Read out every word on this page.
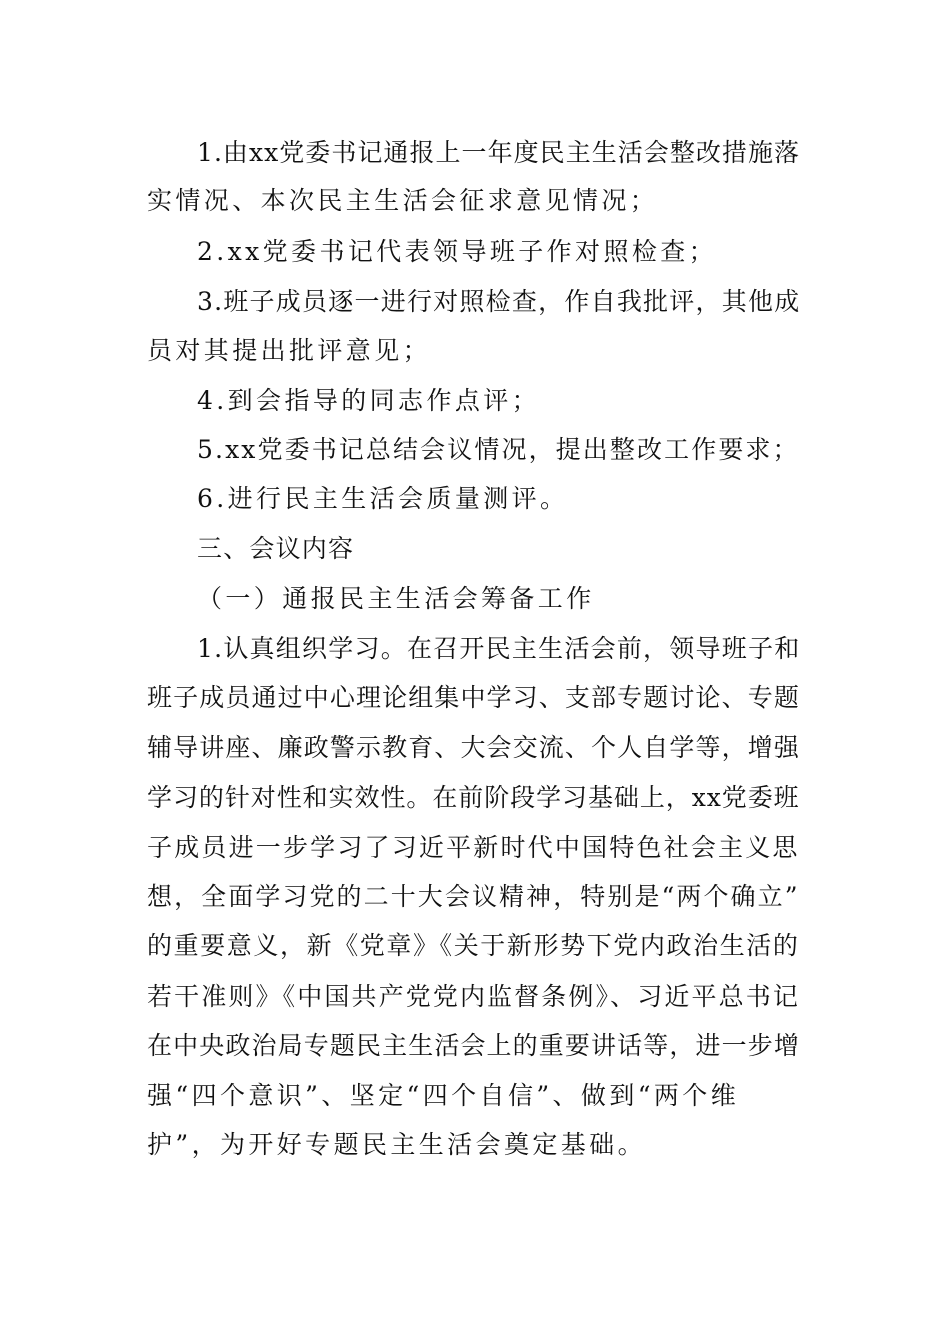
1.由xx党委书记通报上一年度民主生活会整改措施落
实情况、本次民主生活会征求意见情况；
2.xx党委书记代表领导班子作对照检查；
3.班子成员逐一进行对照检查，作自我批评，其他成
员对其提出批评意见；
4.到会指导的同志作点评；
5.xx党委书记总结会议情况，提出整改工作要求；
6.进行民主生活会质量测评。
三、会议内容
（一）通报民主生活会筹备工作
1.认真组织学习。在召开民主生活会前，领导班子和
班子成员通过中心理论组集中学习、支部专题讨论、专题
辅导讲座、廉政警示教育、大会交流、个人自学等，增强
学习的针对性和实效性。在前阶段学习基础上，xx党委班
子成员进一步学习了习近平新时代中国特色社会主义思
想，全面学习党的二十大会议精神，特别是“两个确立”
的重要意义，新《党章》《关于新形势下党内政治生活的
若干准则》《中国共产党党内监督条例》、习近平总书记
在中央政治局专题民主生活会上的重要讲话等，进一步增
强“四个意识”、坚定“四个自信”、做到“两个维
护”，为开好专题民主生活会奠定基础。
